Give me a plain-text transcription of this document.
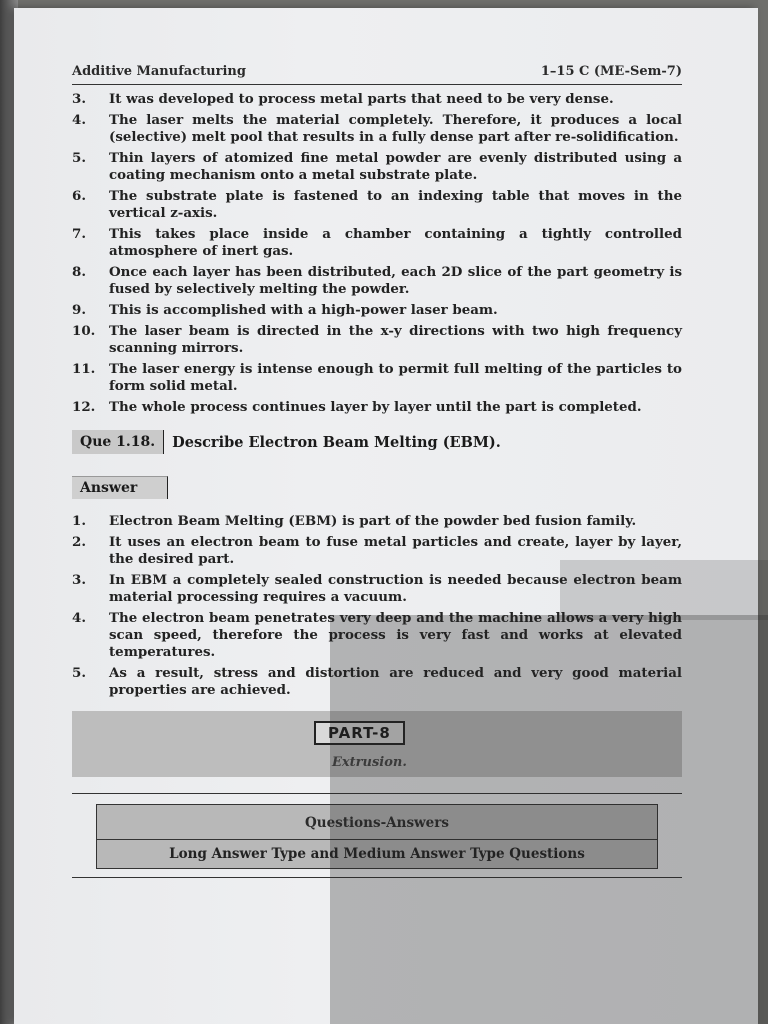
Additive Manufacturing	1–15 C (ME-Sem-7)
3.	It was developed to process metal parts that need to be very dense.
4.	The laser melts the material completely. Therefore, it produces a local (selective) melt pool that results in a fully dense part after re-solidification.
5.	Thin layers of atomized fine metal powder are evenly distributed using a coating mechanism onto a metal substrate plate.
6.	The substrate plate is fastened to an indexing table that moves in the vertical z-axis.
7.	This takes place inside a chamber containing a tightly controlled atmosphere of inert gas.
8.	Once each layer has been distributed, each 2D slice of the part geometry is fused by selectively melting the powder.
9.	This is accomplished with a high-power laser beam.
10.	The laser beam is directed in the x-y directions with two high frequency scanning mirrors.
11.	The laser energy is intense enough to permit full melting of the particles to form solid metal.
12.	The whole process continues layer by layer until the part is completed.
Que 1.18.	Describe Electron Beam Melting (EBM).
Answer
1.	Electron Beam Melting (EBM) is part of the powder bed fusion family.
2.	It uses an electron beam to fuse metal particles and create, layer by layer, the desired part.
3.	In EBM a completely sealed construction is needed because electron beam material processing requires a vacuum.
4.	The electron beam penetrates very deep and the machine allows a very high scan speed, therefore the process is very fast and works at elevated temperatures.
5.	As a result, stress and distortion are reduced and very good material properties are achieved.
PART-8
Extrusion.
Questions-Answers
Long Answer Type and Medium Answer Type Questions
